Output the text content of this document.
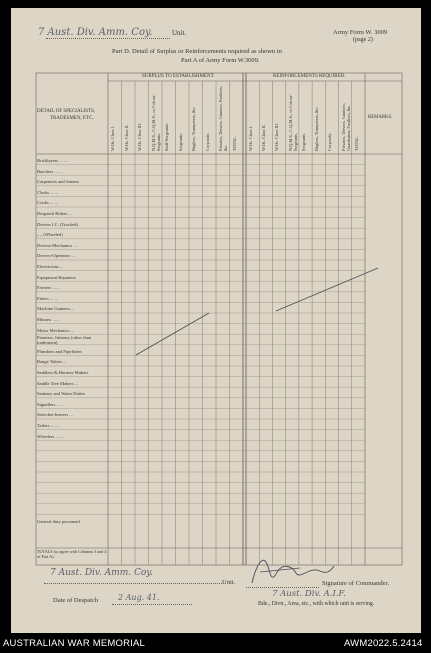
7 Aust. Div. Amm. Coy.	Unit.	Army Form W. 3009
(page 2)
Part D. Detail of Surplus or Reinforcements required as shown in
Part A of Army Form W.3009.
DETAIL OF SPECIALISTS,
TRADESMEN, ETC.
SURPLUS TO ESTABLISHMENT.	REINFORCEMENTS REQUIRED.
REMARKS.
W.Os. Class I. W.Os. Class II. W.Os. Class III. N.Q.M.S., C.Q.M.S., or Colour-Sergeants. Staff-Sergeants. Sergeants. Buglers, Trumpeters, &c. Corporals. Privates, Drivers, Gunners, Fusiliers, &c. TOTAL.	W.Os. Class I. W.Os. Class II. W.Os. Class III. N.Q.M.S., C.Q.M.S., or Colour-Sergeants. Sergeants. Buglers, Trumpeters, &c. Corporals. Privates, Drivers, Gunners, Guardsmen, Fusiliers, &c. TOTAL.
Bricklayers ... ...
Butchers ... ...
Carpenters and Joiners
Clerks ... ...
Cooks ... ...
Despatch Riders ...
Drivers I.C. (Tracked)
„ „ (Wheeled)
Drivers-Mechanics ...
Drivers-Operators ...
Electricians ...
Equipment Repairers
Farriers ... ...
Fitters ... ...
Machine Gunners ...
Masons ... ...
Motor Mechanics ...
Pioneers, Infantry (other than tradesmen)
Plumbers and Pipefitters
Range Takers ...
Saddlers & Harness Makers
Saddle Tree Makers ...
Sanitary and Water Duties
Signallers ... ...
Stretcher-bearers ...
Tailors ... ...
Wheelers ... ...
General duty personnel
TOTALS (to agree with Columns 3 and 4 of Part A).
7 Aust. Div. Amm. Coy.
Unit.	Signature of Commander.
Date of Despatch 2 Aug. 41.	7 Aust. Div. A.I.F.
Bde., Divn., Area, etc., with which unit is serving.
AUSTRALIAN WAR MEMORIAL	AWM2022.5.2414
